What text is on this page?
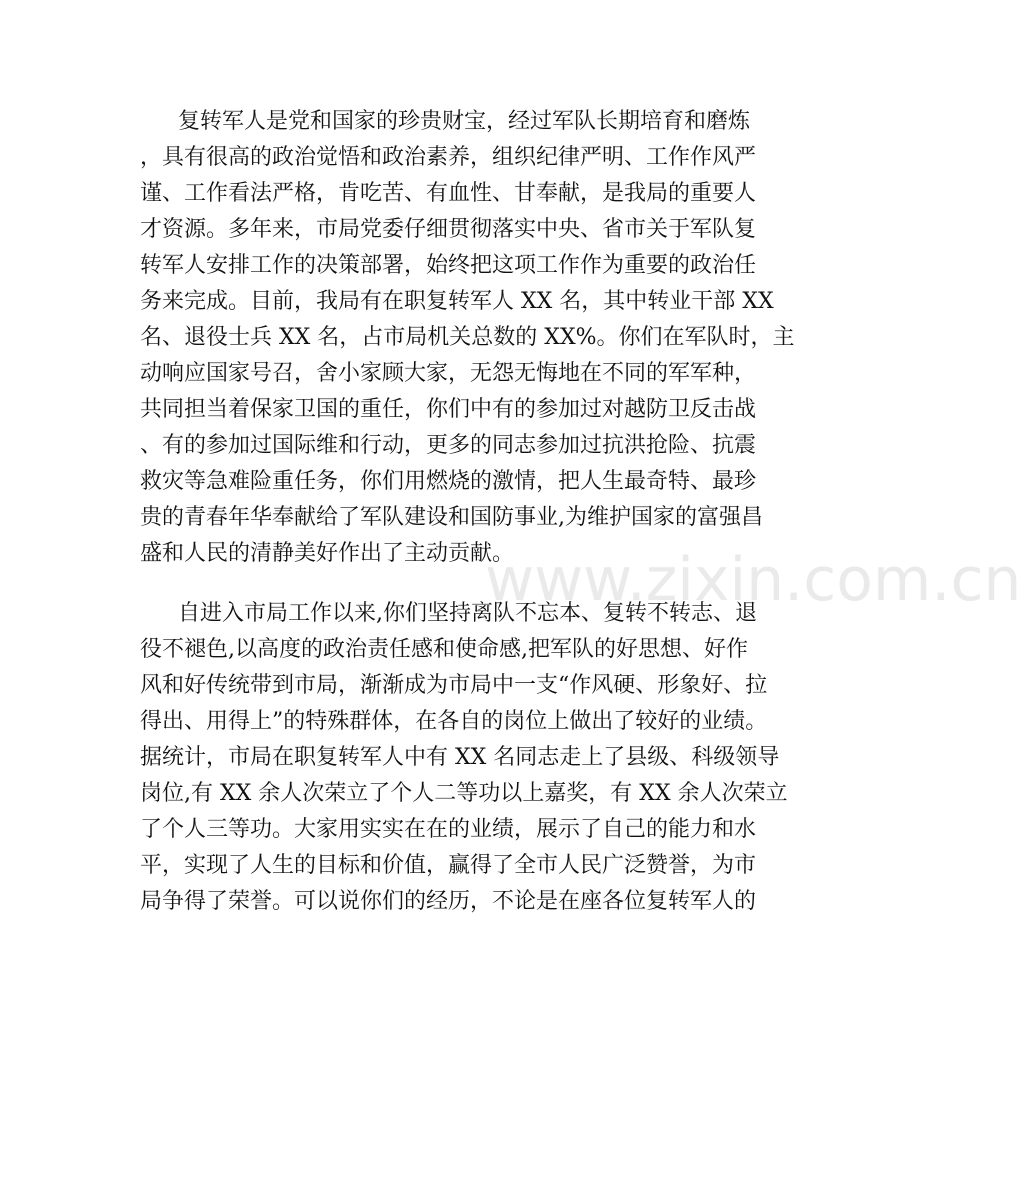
复转军人是党和国家的珍贵财宝，经过军队长期培育和磨炼
，具有很高的政治觉悟和政治素养，组织纪律严明、工作作风严
谨、工作看法严格，肯吃苦、有血性、甘奉献，是我局的重要人
才资源。多年来，市局党委仔细贯彻落实中央、省市关于军队复
转军人安排工作的决策部署，始终把这项工作作为重要的政治任
务来完成。目前，我局有在职复转军人 XX 名，其中转业干部 XX
名、退役士兵 XX 名，占市局机关总数的 XX%。你们在军队时，主
动响应国家号召，舍小家顾大家，无怨无悔地在不同的军军种，
共同担当着保家卫国的重任，你们中有的参加过对越防卫反击战
、有的参加过国际维和行动，更多的同志参加过抗洪抢险、抗震
救灾等急难险重任务，你们用燃烧的激情，把人生最奇特、最珍
贵的青春年华奉献给了军队建设和国防事业,为维护国家的富强昌
盛和人民的清静美好作出了主动贡献。

自进入市局工作以来,你们坚持离队不忘本、复转不转志、退
役不褪色,以高度的政治责任感和使命感,把军队的好思想、好作
风和好传统带到市局，渐渐成为市局中一支“作风硬、形象好、拉
得出、用得上”的特殊群体，在各自的岗位上做出了较好的业绩。
据统计，市局在职复转军人中有 XX 名同志走上了县级、科级领导
岗位,有 XX 余人次荣立了个人二等功以上嘉奖，有 XX 余人次荣立
了个人三等功。大家用实实在在的业绩，展示了自己的能力和水
平，实现了人生的目标和价值，赢得了全市人民广泛赞誉，为市
局争得了荣誉。可以说你们的经历，不论是在座各位复转军人的

www.zixin.com.cn
